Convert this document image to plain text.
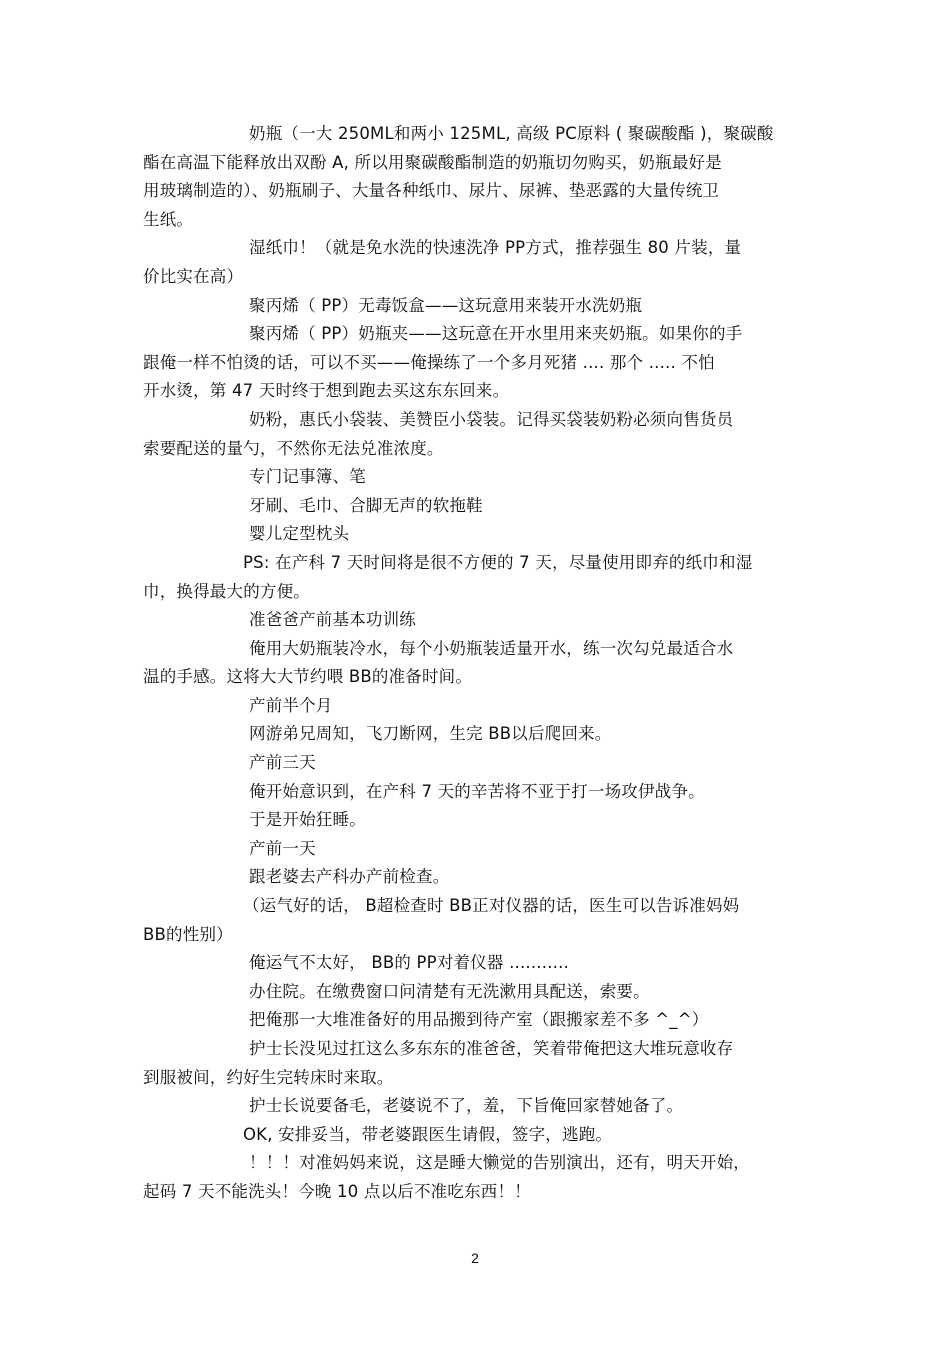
奶瓶（一大 250ML和两小 125ML, 高级 PC原料 ( 聚碳酸酯 )，聚碳酸
酯在高温下能释放出双酚 A, 所以用聚碳酸酯制造的奶瓶切勿购买，奶瓶最好是
用玻璃制造的）、奶瓶刷子、大量各种纸巾、尿片、尿裤、垫恶露的大量传统卫
生纸。
湿纸巾！（就是免水洗的快速洗净 PP方式，推荐强生 80 片装，量
价比实在高）
聚丙烯（ PP）无毒饭盒——这玩意用来装开水洗奶瓶
聚丙烯（ PP）奶瓶夹——这玩意在开水里用来夹奶瓶。如果你的手
跟俺一样不怕烫的话，可以不买——俺操练了一个多月死猪 .... 那个 ..... 不怕
开水烫，第 47 天时终于想到跑去买这东东回来。
奶粉，惠氏小袋装、美赞臣小袋装。记得买袋装奶粉必须向售货员
索要配送的量勺，不然你无法兑准浓度。
专门记事簿、笔
牙刷、毛巾、合脚无声的软拖鞋
婴儿定型枕头
PS: 在产科 7 天时间将是很不方便的 7 天，尽量使用即弃的纸巾和湿
巾，换得最大的方便。
准爸爸产前基本功训练
俺用大奶瓶装冷水，每个小奶瓶装适量开水，练一次勾兑最适合水
温的手感。这将大大节约喂 BB的准备时间。
产前半个月
网游弟兄周知，飞刀断网，生完 BB以后爬回来。
产前三天
俺开始意识到，在产科 7 天的辛苦将不亚于打一场攻伊战争。
于是开始狂睡。
产前一天
跟老婆去产科办产前检查。
（运气好的话， B超检查时 BB正对仪器的话，医生可以告诉准妈妈
BB的性别）
俺运气不太好， BB的 PP对着仪器 ...........
办住院。在缴费窗口问清楚有无洗漱用具配送，索要。
把俺那一大堆准备好的用品搬到待产室（跟搬家差不多 ^_^）
护士长没见过扛这么多东东的准爸爸，笑着带俺把这大堆玩意收存
到服被间，约好生完转床时来取。
护士长说要备毛，老婆说不了，羞，下旨俺回家替她备了。
OK, 安排妥当，带老婆跟医生请假，签字，逃跑。
！！！对准妈妈来说，这是睡大懒觉的告别演出，还有，明天开始，
起码 7 天不能洗头！今晚 10 点以后不准吃东西！！
2
